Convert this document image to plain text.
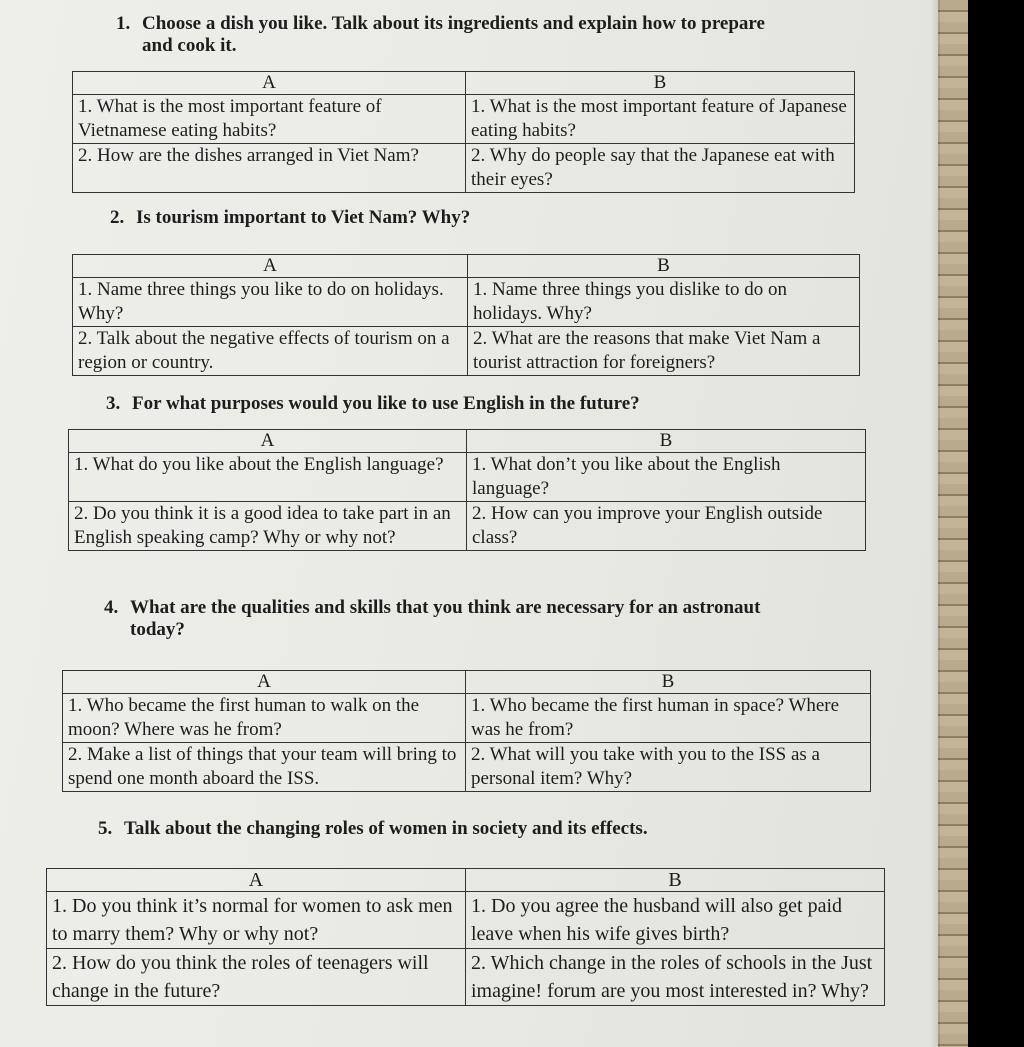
1. Choose a dish you like. Talk about its ingredients and explain how to prepare
and cook it.

A	B
1. What is the most important feature of Vietnamese eating habits?	1. What is the most important feature of Japanese eating habits?
2. How are the dishes arranged in Viet Nam?	2. Why do people say that the Japanese eat with their eyes?

2. Is tourism important to Viet Nam? Why?

A	B
1. Name three things you like to do on holidays. Why?	1. Name three things you dislike to do on holidays. Why?
2. Talk about the negative effects of tourism on a region or country.	2. What are the reasons that make Viet Nam a tourist attraction for foreigners?

3. For what purposes would you like to use English in the future?

A	B
1. What do you like about the English language?	1. What don’t you like about the English language?
2. Do you think it is a good idea to take part in an English speaking camp? Why or why not?	2. How can you improve your English outside class?

4. What are the qualities and skills that you think are necessary for an astronaut
today?

A	B
1. Who became the first human to walk on the moon? Where was he from?	1. Who became the first human in space? Where was he from?
2. Make a list of things that your team will bring to spend one month aboard the ISS.	2. What will you take with you to the ISS as a personal item? Why?

5. Talk about the changing roles of women in society and its effects.

A	B
1. Do you think it’s normal for women to ask men to marry them? Why or why not?	1. Do you agree the husband will also get paid leave when his wife gives birth?
2. How do you think the roles of teenagers will change in the future?	2. Which change in the roles of schools in the Just imagine! forum are you most interested in? Why?
